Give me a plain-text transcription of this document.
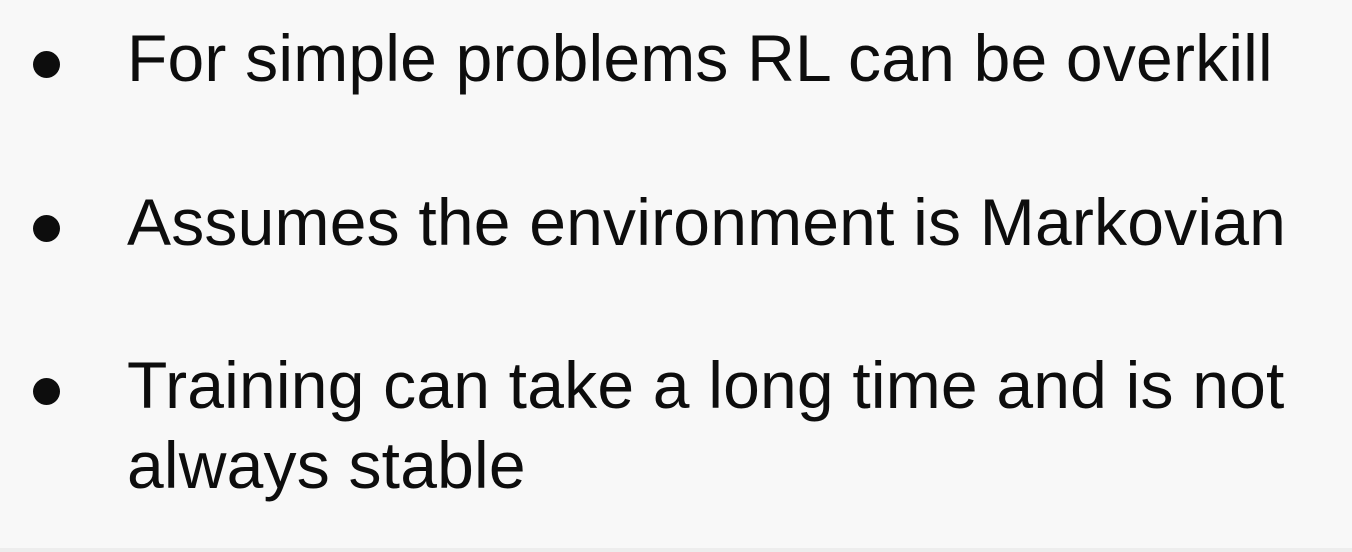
For simple problems RL can be overkill
Assumes the environment is Markovian
Training can take a long time and is not always stable
